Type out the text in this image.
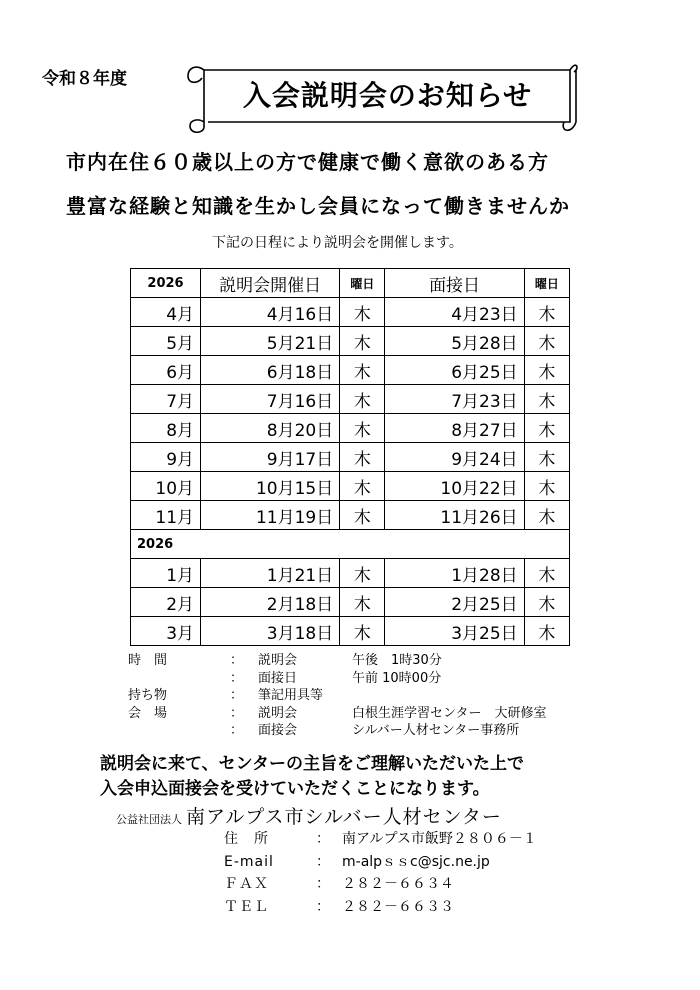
令和８年度	入会説明会のお知らせ
市内在住６０歳以上の方で健康で働く意欲のある方
豊富な経験と知識を生かし会員になって働きませんか
下記の日程により説明会を開催します。
2026	説明会開催日	曜日	面接日	曜日
4月	4月16日	木	4月23日	木
5月	5月21日	木	5月28日	木
6月	6月18日	木	6月25日	木
7月	7月16日	木	7月23日	木
8月	8月20日	木	8月27日	木
9月	9月17日	木	9月24日	木
10月	10月15日	木	10月22日	木
11月	11月19日	木	11月26日	木
2026				
1月	1月21日	木	1月28日	木
2月	2月18日	木	2月25日	木
3月	3月18日	木	3月25日	木
時　間	：	説明会	午後　1時30分
：	面接日	午前 10時00分
持ち物	：	筆記用具等
会　場	：	説明会	白根生涯学習センター　大研修室
：	面接会	シルバー人材センター事務所
説明会に来て、センターの主旨をご理解いただいた上で
入会申込面接会を受けていただくことになります。
公益社団法人 南アルプス市シルバー人材センター
住　所	： 南アルプス市飯野２８０６－１
E-mail	： m-alpｓｓc@sjc.ne.jp
ＦＡＸ	： ２８２－６６３４
ＴＥＬ	： ２８２－６６３３
